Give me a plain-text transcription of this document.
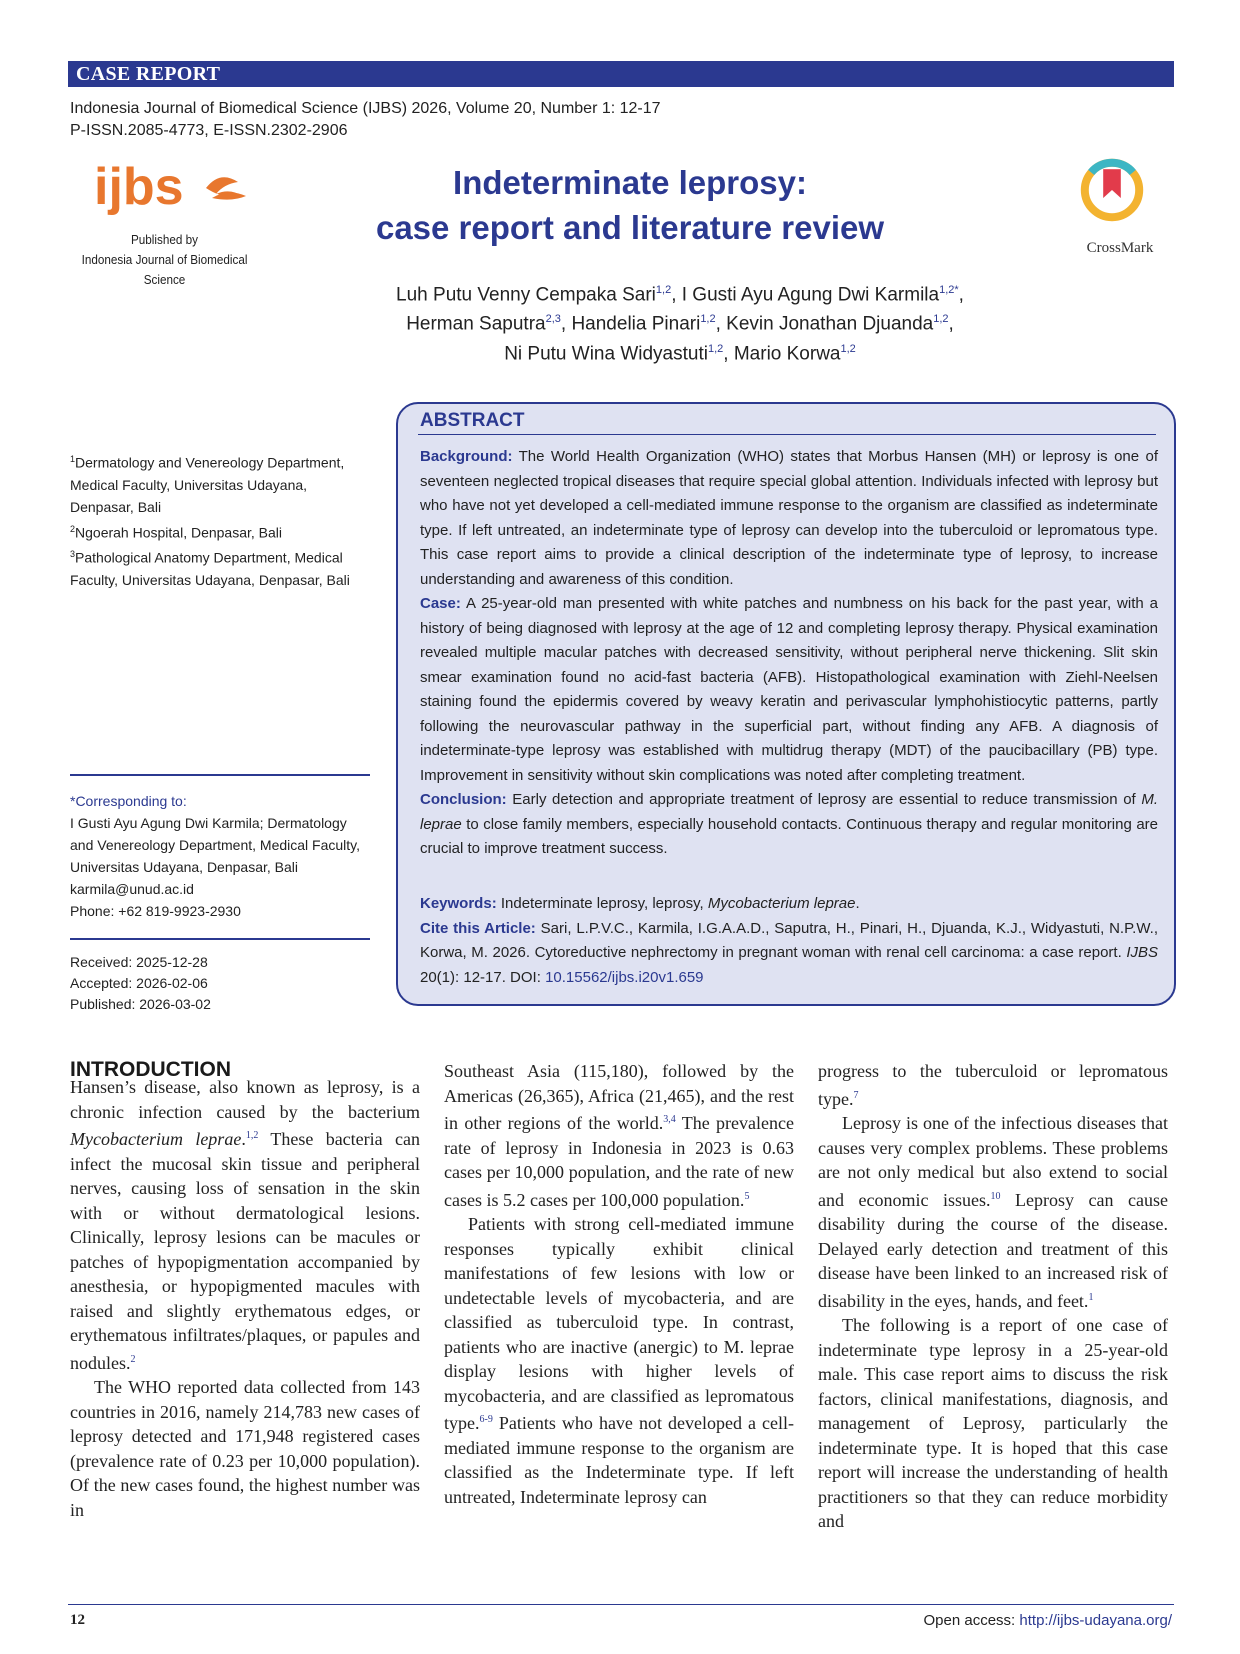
CASE REPORT
Indonesia Journal of Biomedical Science (IJBS) 2026, Volume 20, Number 1: 12-17
P-ISSN.2085-4773, E-ISSN.2302-2906
ijbs
Published by
Indonesia Journal of Biomedical Science
Indeterminate leprosy:
case report and literature review
CrossMark
Luh Putu Venny Cempaka Sari$^{1,2}$, I Gusti Ayu Agung Dwi Karmila$^{1,2*}$,
Herman Saputra$^{2,3}$, Handelia Pinari$^{1,2}$, Kevin Jonathan Djuanda$^{1,2}$,
Ni Putu Wina Widyastuti$^{1,2}$, Mario Korwa$^{1,2}$
$^1$Dermatology and Venereology Department, Medical Faculty, Universitas Udayana, Denpasar, Bali
$^2$Ngoerah Hospital, Denpasar, Bali
$^3$Pathological Anatomy Department, Medical Faculty, Universitas Udayana, Denpasar, Bali
*Corresponding to:
I Gusti Ayu Agung Dwi Karmila; Dermatology
and Venereology Department, Medical Faculty,
Universitas Udayana, Denpasar, Bali
karmila@unud.ac.id
Phone: +62 819-9923-2930
Received: 2025-12-28
Accepted: 2026-02-06
Published: 2026-03-02
ABSTRACT

Background: The World Health Organization (WHO) states that Morbus Hansen (MH) or leprosy is one of seventeen neglected tropical diseases that require special global attention. Individuals infected with leprosy but who have not yet developed a cell-mediated immune response to the organism are classified as indeterminate type. If left untreated, an indeterminate type of leprosy can develop into the tuberculoid or lepromatous type. This case report aims to provide a clinical description of the indeterminate type of leprosy, to increase understanding and awareness of this condition.

Case: A 25-year-old man presented with white patches and numbness on his back for the past year, with a history of being diagnosed with leprosy at the age of 12 and completing leprosy therapy. Physical examination revealed multiple macular patches with decreased sensitivity, without peripheral nerve thickening. Slit skin smear examination found no acid-fast bacteria (AFB). Histopathological examination with Ziehl-Neelsen staining found the epidermis covered by weavy keratin and perivascular lymphohistiocytic patterns, partly following the neurovascular pathway in the superficial part, without finding any AFB. A diagnosis of indeterminate-type leprosy was established with multidrug therapy (MDT) of the paucibacillary (PB) type. Improvement in sensitivity without skin complications was noted after completing treatment.

Conclusion: Early detection and appropriate treatment of leprosy are essential to reduce transmission of M. leprae to close family members, especially household contacts. Continuous therapy and regular monitoring are crucial to improve treatment success.

Keywords: Indeterminate leprosy, leprosy, Mycobacterium leprae.

Cite this Article: Sari, L.P.V.C., Karmila, I.G.A.A.D., Saputra, H., Pinari, H., Djuanda, K.J., Widyastuti, N.P.W., Korwa, M. 2026. Cytoreductive nephrectomy in pregnant woman with renal cell carcinoma: a case report. IJBS 20(1): 12-17. DOI: 10.15562/ijbs.i20v1.659

INTRODUCTION

Hansen’s disease, also known as leprosy, is a chronic infection caused by the bacterium Mycobacterium leprae.$^{1,2}$ These bacteria can infect the mucosal skin tissue and peripheral nerves, causing loss of sensation in the skin with or without dermatological lesions. Clinically, leprosy lesions can be macules or patches of hypopigmentation accompanied by anesthesia, or hypopigmented macules with raised and slightly erythematous edges, or erythematous infiltrates/plaques, or papules and nodules.$^2$

The WHO reported data collected from 143 countries in 2016, namely 214,783 new cases of leprosy detected and 171,948 registered cases (prevalence rate of 0.23 per 10,000 population). Of the new cases found, the highest number was in

Southeast Asia (115,180), followed by the Americas (26,365), Africa (21,465), and the rest in other regions of the world.$^{3,4}$ The prevalence rate of leprosy in Indonesia in 2023 is 0.63 cases per 10,000 population, and the rate of new cases is 5.2 cases per 100,000 population.$^5$

Patients with strong cell-mediated immune responses typically exhibit clinical manifestations of few lesions with low or undetectable levels of mycobacteria, and are classified as tuberculoid type. In contrast, patients who are inactive (anergic) to M. leprae display lesions with higher levels of mycobacteria, and are classified as lepromatous type.$^{6-9}$ Patients who have not developed a cell-mediated immune response to the organism are classified as the Indeterminate type. If left untreated, Indeterminate leprosy can

progress to the tuberculoid or lepromatous type.$^7$

Leprosy is one of the infectious diseases that causes very complex problems. These problems are not only medical but also extend to social and economic issues.$^{10}$ Leprosy can cause disability during the course of the disease. Delayed early detection and treatment of this disease have been linked to an increased risk of disability in the eyes, hands, and feet.$^1$

The following is a report of one case of indeterminate type leprosy in a 25-year-old male. This case report aims to discuss the risk factors, clinical manifestations, diagnosis, and management of Leprosy, particularly the indeterminate type. It is hoped that this case report will increase the understanding of health practitioners so that they can reduce morbidity and

12	Open access: http://ijbs-udayana.org/
